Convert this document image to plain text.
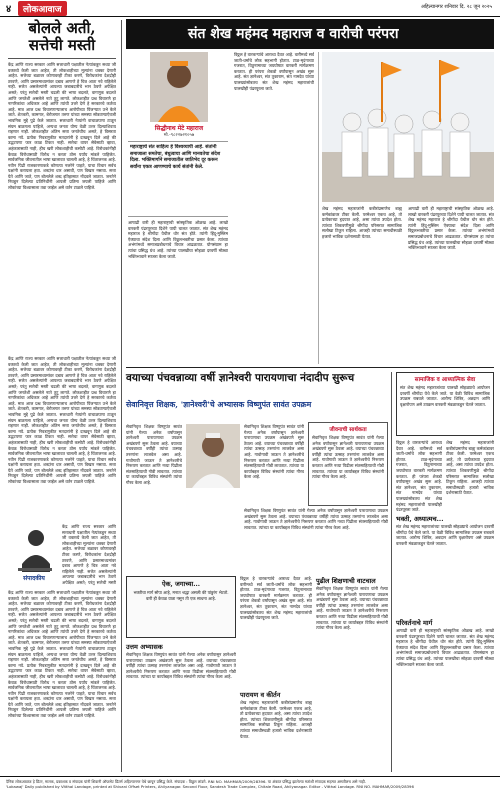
४	लोकआवाज	अहिल्यानगर शनिवार दि. २८ जून २०२५
बोलले अती,
सत्तेची मस्ती
केंद्र आणि राज्य सरकार आणि सत्ताधारी पक्षातील नेत्यांकडून सध्या जी वक्तव्ये केली जात आहेत, ती लोकशाहीच्या मूल्यांना धक्का देणारी आहेत. सत्तेच्या बळावर कोणावरही टीका करणे, विरोधकांना देशद्रोही ठरवणे, आणि प्रसारमाध्यमांवर दबाव आणणे हे चित्र आता नवे राहिलेले नाही. सत्तेत असलेल्यांनी आपल्या जबाबदारीचे भान ठेवणे अपेक्षित असते; परंतु सत्तेची मस्ती चढली की भाषा बदलते, वागणूक बदलते आणि जनतेशी असलेले नाते तुटू लागते. लोकशाहीत प्रश्न विचारणे हा नागरिकांचा अधिकार आहे आणि त्यांची उत्तरे देणे हे सरकारचे कर्तव्य आहे. मात्र आज प्रश्न विचारणाऱ्यालाच आरोपीच्या पिंजऱ्यात उभे केले जाते. शेतकरी, कामगार, बेरोजगार तरुण यांच्या समस्या सोडवण्याऐवजी भावनिक मुद्दे पुढे केले जातात. सत्ताधारी नेत्यांनी वाचाळपणा टाळून संयम बाळगला पाहिजे, अन्यथा जनता योग्य वेळी उत्तर दिल्याशिवाय राहणार नाही. लोकशाहीत अंतिम सत्ता जनतेचीच असते, हे विसरता कामा नये. प्रत्येक निवडणुकीत मतदारांनी हे दाखवून दिले आहे की उद्धटपणा फार काळ टिकत नाही. सत्तेचा वापर सेवेसाठी व्हावा, अहंकारासाठी नाही, हीच खरी लोकशाहीची कसोटी आहे. विरोधकांनीही केवळ विरोधासाठी विरोध न करता ठोस पर्याय मांडले पाहिजेत. सार्वजनिक जीवनातील भाषा खालावत चालली आहे, हे चिंताजनक आहे. नवीन पिढी राजकारणाकडे कोणत्या नजरेने पाहते, याचा विचार सर्वच पक्षांनी करायला हवा. शब्दांना धार असावी, पण विखार नसावा. सत्ता येते आणि जाते, पण बोललेले शब्द इतिहासात नोंदवले जातात. जनतेने निवडून दिलेल्या प्रतिनिधींनी आपली प्रतिमा जपली पाहिजे आणि लोकांच्या विश्वासाला तडा जाईल असे वर्तन टाळले पाहिजे.
केंद्र आणि राज्य सरकार आणि सत्ताधारी पक्षातील नेत्यांकडून सध्या जी वक्तव्ये केली जात आहेत, ती लोकशाहीच्या मूल्यांना धक्का देणारी आहेत. सत्तेच्या बळावर कोणावरही टीका करणे, विरोधकांना देशद्रोही ठरवणे, आणि प्रसारमाध्यमांवर दबाव आणणे हे चित्र आता नवे राहिलेले नाही. सत्तेत असलेल्यांनी आपल्या जबाबदारीचे भान ठेवणे अपेक्षित असते; परंतु सत्तेची मस्ती चढली की भाषा बदलते, वागणूक बदलते आणि जनतेशी असलेले नाते तुटू लागते. लोकशाहीत प्रश्न विचारणे हा नागरिकांचा अधिकार आहे आणि त्यांची उत्तरे देणे हे सरकारचे कर्तव्य आहे. मात्र आज प्रश्न विचारणाऱ्यालाच आरोपीच्या पिंजऱ्यात उभे केले जाते. शेतकरी, कामगार, बेरोजगार तरुण यांच्या समस्या सोडवण्याऐवजी भावनिक मुद्दे पुढे केले जातात. सत्ताधारी नेत्यांनी वाचाळपणा टाळून संयम बाळगला पाहिजे, अन्यथा जनता योग्य वेळी उत्तर दिल्याशिवाय राहणार नाही. लोकशाहीत अंतिम सत्ता जनतेचीच असते, हे विसरता कामा नये. प्रत्येक निवडणुकीत मतदारांनी हे दाखवून दिले आहे की उद्धटपणा फार काळ टिकत नाही. सत्तेचा वापर सेवेसाठी व्हावा, अहंकारासाठी नाही, हीच खरी लोकशाहीची कसोटी आहे. विरोधकांनीही केवळ विरोधासाठी विरोध न करता ठोस पर्याय मांडले पाहिजेत. सार्वजनिक जीवनातील भाषा खालावत चालली आहे, हे चिंताजनक आहे. नवीन पिढी राजकारणाकडे कोणत्या नजरेने पाहते, याचा विचार सर्वच पक्षांनी करायला हवा. शब्दांना धार असावी, पण विखार नसावा. सत्ता येते आणि जाते, पण बोललेले शब्द इतिहासात नोंदवले जातात. जनतेने निवडून दिलेल्या प्रतिनिधींनी आपली प्रतिमा जपली पाहिजे आणि लोकांच्या विश्वासाला तडा जाईल असे वर्तन टाळले पाहिजे.
संपादकीय
केंद्र आणि राज्य सरकार आणि सत्ताधारी पक्षातील नेत्यांकडून सध्या जी वक्तव्ये केली जात आहेत, ती लोकशाहीच्या मूल्यांना धक्का देणारी आहेत. सत्तेच्या बळावर कोणावरही टीका करणे, विरोधकांना देशद्रोही ठरवणे, आणि प्रसारमाध्यमांवर दबाव आणणे हे चित्र आता नवे राहिलेले नाही. सत्तेत असलेल्यांनी आपल्या जबाबदारीचे भान ठेवणे अपेक्षित असते; परंतु सत्तेची मस्ती
केंद्र आणि राज्य सरकार आणि सत्ताधारी पक्षातील नेत्यांकडून सध्या जी वक्तव्ये केली जात आहेत, ती लोकशाहीच्या मूल्यांना धक्का देणारी आहेत. सत्तेच्या बळावर कोणावरही टीका करणे, विरोधकांना देशद्रोही ठरवणे, आणि प्रसारमाध्यमांवर दबाव आणणे हे चित्र आता नवे राहिलेले नाही. सत्तेत असलेल्यांनी आपल्या जबाबदारीचे भान ठेवणे अपेक्षित असते; परंतु सत्तेची मस्ती चढली की भाषा बदलते, वागणूक बदलते आणि जनतेशी असलेले नाते तुटू लागते. लोकशाहीत प्रश्न विचारणे हा नागरिकांचा अधिकार आहे आणि त्यांची उत्तरे देणे हे सरकारचे कर्तव्य आहे. मात्र आज प्रश्न विचारणाऱ्यालाच आरोपीच्या पिंजऱ्यात उभे केले जाते. शेतकरी, कामगार, बेरोजगार तरुण यांच्या समस्या सोडवण्याऐवजी भावनिक मुद्दे पुढे केले जातात. सत्ताधारी नेत्यांनी वाचाळपणा टाळून संयम बाळगला पाहिजे, अन्यथा जनता योग्य वेळी उत्तर दिल्याशिवाय राहणार नाही. लोकशाहीत अंतिम सत्ता जनतेचीच असते, हे विसरता कामा नये. प्रत्येक निवडणुकीत मतदारांनी हे दाखवून दिले आहे की उद्धटपणा फार काळ टिकत नाही. सत्तेचा वापर सेवेसाठी व्हावा, अहंकारासाठी नाही, हीच खरी लोकशाहीची कसोटी आहे. विरोधकांनीही केवळ विरोधासाठी विरोध न करता ठोस पर्याय मांडले पाहिजेत. सार्वजनिक जीवनातील भाषा खालावत चालली आहे, हे चिंताजनक आहे. नवीन पिढी राजकारणाकडे कोणत्या नजरेने पाहते, याचा विचार सर्वच पक्षांनी करायला हवा. शब्दांना धार असावी, पण विखार नसावा. सत्ता येते आणि जाते, पण बोललेले शब्द इतिहासात नोंदवले जातात. जनतेने निवडून दिलेल्या प्रतिनिधींनी आपली प्रतिमा जपली पाहिजे आणि लोकांच्या विश्वासाला तडा जाईल असे वर्तन टाळले पाहिजे.
संत शेख महंमद महाराज व वारीची परंपरा
सिद्धीनाथ मेटे महाराज
मो.-९८२२७२१०५७
महाराष्ट्राचे संत साहित्य हे विश्वव्यापी आहे. संतांनी समाजाला समतेचा, बंधुत्वाचा आणि मानवतेचा संदेश दिला. भक्तिमार्गाने समाजातील जातिभेद दूर करून सर्वांना एकत्र आणण्याचे कार्य संतांनी केले.
आषाढी वारी ही महाराष्ट्राची सांस्कृतिक ओळख आहे. लाखो वारकरी पंढरपूरच्या दिशेने पायी चालत जातात. संत शेख महंमद महाराज हे श्रीगोंदा येथील थोर संत होते. त्यांनी हिंदू-मुस्लिम ऐक्याचा संदेश दिला आणि विठ्ठलभक्तीचा प्रसार केला. त्यांच्या अभंगांमध्ये समाजप्रबोधनाचे विचार आढळतात. योगसंग्राम हा त्यांचा प्रसिद्ध ग्रंथ आहे. त्यांच्या पालखीचा सोहळा दरवर्षी मोठ्या भक्तिभावाने साजरा केला जातो.
विठ्ठल हे वारकऱ्यांचे आराध्य दैवत आहे. वारीमध्ये सर्व जाती-धर्माचे लोक सहभागी होतात. टाळ-मृदंगाच्या गजरात, विठुनामाच्या जयघोषात वारकरी मार्गक्रमण करतात. ही परंपरा शेकडो वर्षांपासून अखंड सुरू आहे. संत ज्ञानेश्वर, संत तुकाराम, संत नामदेव यांच्या पालख्यांसोबतच संत शेख महंमद महाराजांची पालखीही पंढरपूरला जाते.
शेख महंमद महाराजांनी कबीरांप्रमाणेच बाह्य कर्मकांडावर टीका केली. परमेश्वर एकच आहे, तो प्रत्येकाच्या हृदयात आहे, असा त्यांचा उपदेश होता. त्यांच्या शिकवणीमुळे श्रीगोंदा परिसरात सामाजिक सलोखा टिकून राहिला. आजही त्यांच्या समाधीस्थळी हजारो भाविक दर्शनासाठी येतात.
आषाढी वारी ही महाराष्ट्राची सांस्कृतिक ओळख आहे. लाखो वारकरी पंढरपूरच्या दिशेने पायी चालत जातात. संत शेख महंमद महाराज हे श्रीगोंदा येथील थोर संत होते. त्यांनी हिंदू-मुस्लिम ऐक्याचा संदेश दिला आणि विठ्ठलभक्तीचा प्रसार केला. त्यांच्या अभंगांमध्ये समाजप्रबोधनाचे विचार आढळतात. योगसंग्राम हा त्यांचा प्रसिद्ध ग्रंथ आहे. त्यांच्या पालखीचा सोहळा दरवर्षी मोठ्या भक्तिभावाने साजरा केला जातो.
वयाच्या पंचवन्नाव्या वर्षी ज्ञानेश्वरी पारायणाचा नंदादीप सुरूच
सेवानिवृत्त शिक्षक, 'ज्ञानेश्वरी'चे अभ्यासक विष्णुपंत सावंत उपक्रम
सेवानिवृत्त शिक्षक विष्णुपंत सावंत यांनी गेल्या अनेक वर्षांपासून ज्ञानेश्वरी पारायणाचा उपक्रम अखंडपणे सुरू ठेवला आहे. वयाच्या पंचवन्नाव्या वर्षीही त्यांचा उत्साह तरुणांना लाजवेल असा आहे. गावोगावी जाऊन ते ज्ञानेश्वरीचे निरूपण करतात आणि नव्या पिढीला संतसाहित्याची गोडी लावतात. त्यांच्या या कार्याबद्दल विविध संस्थांनी त्यांचा गौरव केला आहे.
सेवानिवृत्त शिक्षक विष्णुपंत सावंत यांनी गेल्या अनेक वर्षांपासून ज्ञानेश्वरी पारायणाचा उपक्रम अखंडपणे सुरू ठेवला आहे. वयाच्या पंचवन्नाव्या वर्षीही त्यांचा उत्साह तरुणांना लाजवेल असा आहे. गावोगावी जाऊन ते ज्ञानेश्वरीचे निरूपण करतात आणि नव्या पिढीला संतसाहित्याची गोडी लावतात. त्यांच्या या कार्याबद्दल विविध संस्थांनी त्यांचा गौरव केला आहे.
जीवनाची सार्थकता
सेवानिवृत्त शिक्षक विष्णुपंत सावंत यांनी गेल्या अनेक वर्षांपासून ज्ञानेश्वरी पारायणाचा उपक्रम अखंडपणे सुरू ठेवला आहे. वयाच्या पंचवन्नाव्या वर्षीही त्यांचा उत्साह तरुणांना लाजवेल असा आहे. गावोगावी जाऊन ते ज्ञानेश्वरीचे निरूपण करतात आणि नव्या पिढीला संतसाहित्याची गोडी लावतात. त्यांच्या या कार्याबद्दल विविध संस्थांनी त्यांचा गौरव केला आहे.
सेवानिवृत्त शिक्षक विष्णुपंत सावंत यांनी गेल्या अनेक वर्षांपासून ज्ञानेश्वरी पारायणाचा उपक्रम अखंडपणे सुरू ठेवला आहे. वयाच्या पंचवन्नाव्या वर्षीही त्यांचा उत्साह तरुणांना लाजवेल असा आहे. गावोगावी जाऊन ते ज्ञानेश्वरीचे निरूपण करतात आणि नव्या पिढीला संतसाहित्याची गोडी लावतात. त्यांच्या या कार्याबद्दल विविध संस्थांनी त्यांचा गौरव केला आहे.
सामाजिक व आध्यात्मिक सेवा
संत शेख महंमद महाराजांच्या पालखी सोहळ्याचे आयोजन दरवर्षी श्रीगोंदा येथे केले जाते. या वेळी विविध सामाजिक उपक्रम राबवले जातात. आरोग्य शिबिर, अन्नदान आणि वृक्षारोपण असे उपक्रम वारकरी मंडळाकडून घेतले जातात.
विठ्ठल हे वारकऱ्यांचे आराध्य दैवत आहे. वारीमध्ये सर्व जाती-धर्माचे लोक सहभागी होतात. टाळ-मृदंगाच्या गजरात, विठुनामाच्या जयघोषात वारकरी मार्गक्रमण करतात. ही परंपरा शेकडो वर्षांपासून अखंड सुरू आहे. संत ज्ञानेश्वर, संत तुकाराम, संत नामदेव यांच्या पालख्यांसोबतच संत शेख महंमद महाराजांची पालखीही पंढरपूरला जाते.
शेख महंमद महाराजांनी कबीरांप्रमाणेच बाह्य कर्मकांडावर टीका केली. परमेश्वर एकच आहे, तो प्रत्येकाच्या हृदयात आहे, असा त्यांचा उपदेश होता. त्यांच्या शिकवणीमुळे श्रीगोंदा परिसरात सामाजिक सलोखा टिकून राहिला. आजही त्यांच्या समाधीस्थळी हजारो भाविक दर्शनासाठी येतात.
भक्ती, अध्यात्मच...
संत शेख महंमद महाराजांच्या पालखी सोहळ्याचे आयोजन दरवर्षी श्रीगोंदा येथे केले जाते. या वेळी विविध सामाजिक उपक्रम राबवले जातात. आरोग्य शिबिर, अन्नदान आणि वृक्षारोपण असे उपक्रम वारकरी मंडळाकडून घेतले जातात.
परिवर्तनाचे मार्ग
आषाढी वारी ही महाराष्ट्राची सांस्कृतिक ओळख आहे. लाखो वारकरी पंढरपूरच्या दिशेने पायी चालत जातात. संत शेख महंमद महाराज हे श्रीगोंदा येथील थोर संत होते. त्यांनी हिंदू-मुस्लिम ऐक्याचा संदेश दिला आणि विठ्ठलभक्तीचा प्रसार केला. त्यांच्या अभंगांमध्ये समाजप्रबोधनाचे विचार आढळतात. योगसंग्राम हा त्यांचा प्रसिद्ध ग्रंथ आहे. त्यांच्या पालखीचा सोहळा दरवर्षी मोठ्या भक्तिभावाने साजरा केला जातो.
ऐक, जगाच्या...
भक्तीचा मार्ग सोपा आहे, मनात श्रद्धा असली की पांडुरंग भेटतो. वारी ही केवळ यात्रा नसून ती एक साधना आहे.
उत्तम अभ्यासक
सेवानिवृत्त शिक्षक विष्णुपंत सावंत यांनी गेल्या अनेक वर्षांपासून ज्ञानेश्वरी पारायणाचा उपक्रम अखंडपणे सुरू ठेवला आहे. वयाच्या पंचवन्नाव्या वर्षीही त्यांचा उत्साह तरुणांना लाजवेल असा आहे. गावोगावी जाऊन ते ज्ञानेश्वरीचे निरूपण करतात आणि नव्या पिढीला संतसाहित्याची गोडी लावतात. त्यांच्या या कार्याबद्दल विविध संस्थांनी त्यांचा गौरव केला आहे.
विठ्ठल हे वारकऱ्यांचे आराध्य दैवत आहे. वारीमध्ये सर्व जाती-धर्माचे लोक सहभागी होतात. टाळ-मृदंगाच्या गजरात, विठुनामाच्या जयघोषात वारकरी मार्गक्रमण करतात. ही परंपरा शेकडो वर्षांपासून अखंड सुरू आहे. संत ज्ञानेश्वर, संत तुकाराम, संत नामदेव यांच्या पालख्यांसोबतच संत शेख महंमद महाराजांची पालखीही पंढरपूरला जाते.
पारायण व कीर्तन
शेख महंमद महाराजांनी कबीरांप्रमाणेच बाह्य कर्मकांडावर टीका केली. परमेश्वर एकच आहे, तो प्रत्येकाच्या हृदयात आहे, असा त्यांचा उपदेश होता. त्यांच्या शिकवणीमुळे श्रीगोंदा परिसरात सामाजिक सलोखा टिकून राहिला. आजही त्यांच्या समाधीस्थळी हजारो भाविक दर्शनासाठी येतात.
पुढील शिक्षणाची वाटचाल
सेवानिवृत्त शिक्षक विष्णुपंत सावंत यांनी गेल्या अनेक वर्षांपासून ज्ञानेश्वरी पारायणाचा उपक्रम अखंडपणे सुरू ठेवला आहे. वयाच्या पंचवन्नाव्या वर्षीही त्यांचा उत्साह तरुणांना लाजवेल असा आहे. गावोगावी जाऊन ते ज्ञानेश्वरीचे निरूपण करतात आणि नव्या पिढीला संतसाहित्याची गोडी लावतात. त्यांच्या या कार्याबद्दल विविध संस्थांनी त्यांचा गौरव केला आहे.
दैनिक लोकआवाज हे प्रिंटर, मालक, प्रकाशक व संपादक यांनी शिवानी ऑफसेट प्रिंटर्स अहिल्यानगर येथे छापून प्रसिद्ध केले. संपादक : विठ्ठल लांडगे. RNI NO. MAHMAR/2009/28396. या अंकात प्रसिद्ध झालेल्या मतांशी संपादक सहमत असतीलच असे नाही.
'Lokawaj' Daily published by Vitthal Landage, printed at Shivani Offset Printers, Ahilyanagar. Second Floor, Sandesh Trade Complex, Chitale Road, Ahilyanagar. Editor - Vitthal Landage. RNI NO. MAHMAR/2009/28396
